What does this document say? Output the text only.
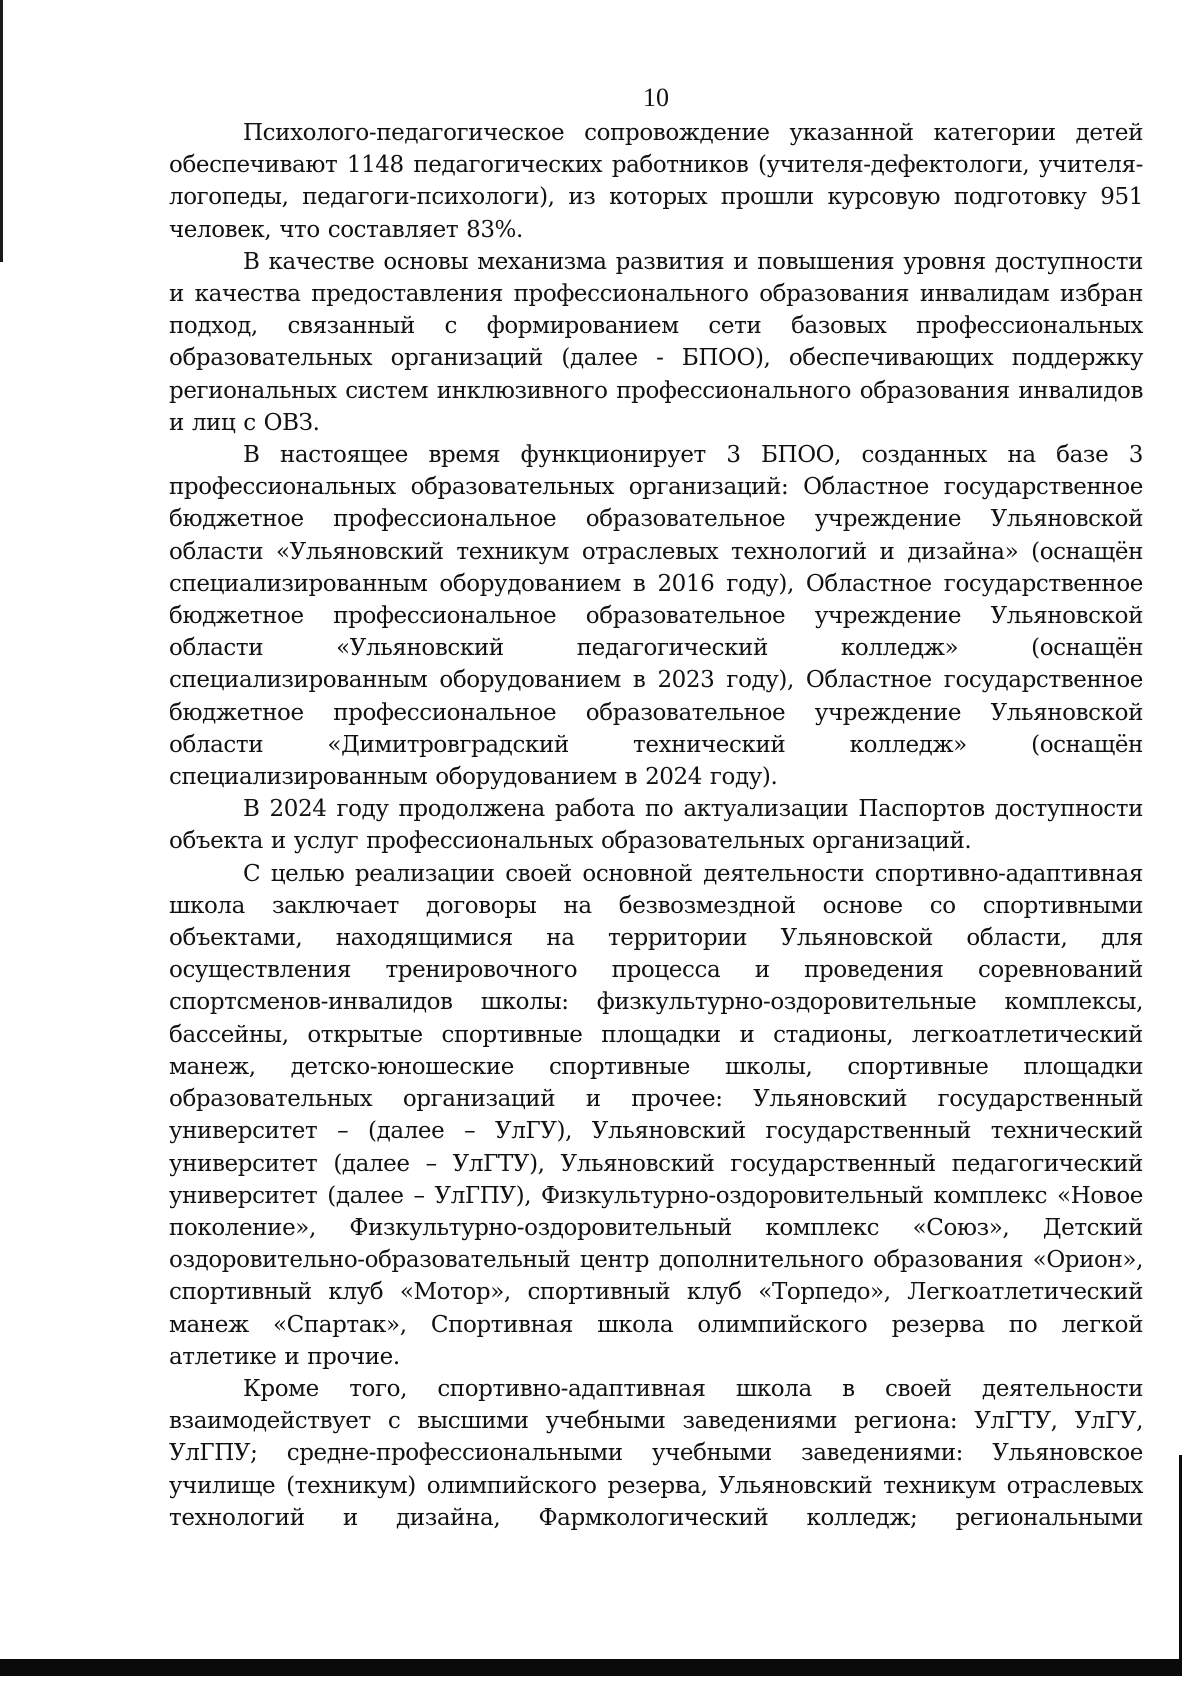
10

Психолого-педагогическое сопровождение указанной категории детей обеспечивают 1148 педагогических работников (учителя-дефектологи, учителя-логопеды, педагоги-психологи), из которых прошли курсовую подготовку 951 человек, что составляет 83%.

В качестве основы механизма развития и повышения уровня доступности и качества предоставления профессионального образования инвалидам избран подход, связанный с формированием сети базовых профессиональных образовательных организаций (далее - БПОО), обеспечивающих поддержку региональных систем инклюзивного профессионального образования инвалидов и лиц с ОВЗ.

В настоящее время функционирует 3 БПОО, созданных на базе 3 профессиональных образовательных организаций: Областное государственное бюджетное профессиональное образовательное учреждение Ульяновской области «Ульяновский техникум отраслевых технологий и дизайна» (оснащён специализированным оборудованием в 2016 году), Областное государственное бюджетное профессиональное образовательное учреждение Ульяновской области «Ульяновский педагогический колледж» (оснащён специализированным оборудованием в 2023 году), Областное государственное бюджетное профессиональное образовательное учреждение Ульяновской области «Димитровградский технический колледж» (оснащён специализированным оборудованием в 2024 году).

В 2024 году продолжена работа по актуализации Паспортов доступности объекта и услуг профессиональных образовательных организаций.

С целью реализации своей основной деятельности спортивно-адаптивная школа заключает договоры на безвозмездной основе со спортивными объектами, находящимися на территории Ульяновской области, для осуществления тренировочного процесса и проведения соревнований спортсменов-инвалидов школы: физкультурно-оздоровительные комплексы, бассейны, открытые спортивные площадки и стадионы, легкоатлетический манеж, детско-юношеские спортивные школы, спортивные площадки образовательных организаций и прочее: Ульяновский государственный университет – (далее – УлГУ), Ульяновский государственный технический университет (далее – УлГТУ), Ульяновский государственный педагогический университет (далее – УлГПУ), Физкультурно-оздоровительный комплекс «Новое поколение», Физкультурно-оздоровительный комплекс «Союз», Детский оздоровительно-образовательный центр дополнительного образования «Орион», спортивный клуб «Мотор», спортивный клуб «Торпедо», Легкоатлетический манеж «Спартак», Спортивная школа олимпийского резерва по легкой атлетике и прочие.

Кроме того, спортивно-адаптивная школа в своей деятельности взаимодействует с высшими учебными заведениями региона: УлГТУ, УлГУ, УлГПУ; средне-профессиональными учебными заведениями: Ульяновское училище (техникум) олимпийского резерва, Ульяновский техникум отраслевых технологий и дизайна, Фармкологический колледж; региональными
